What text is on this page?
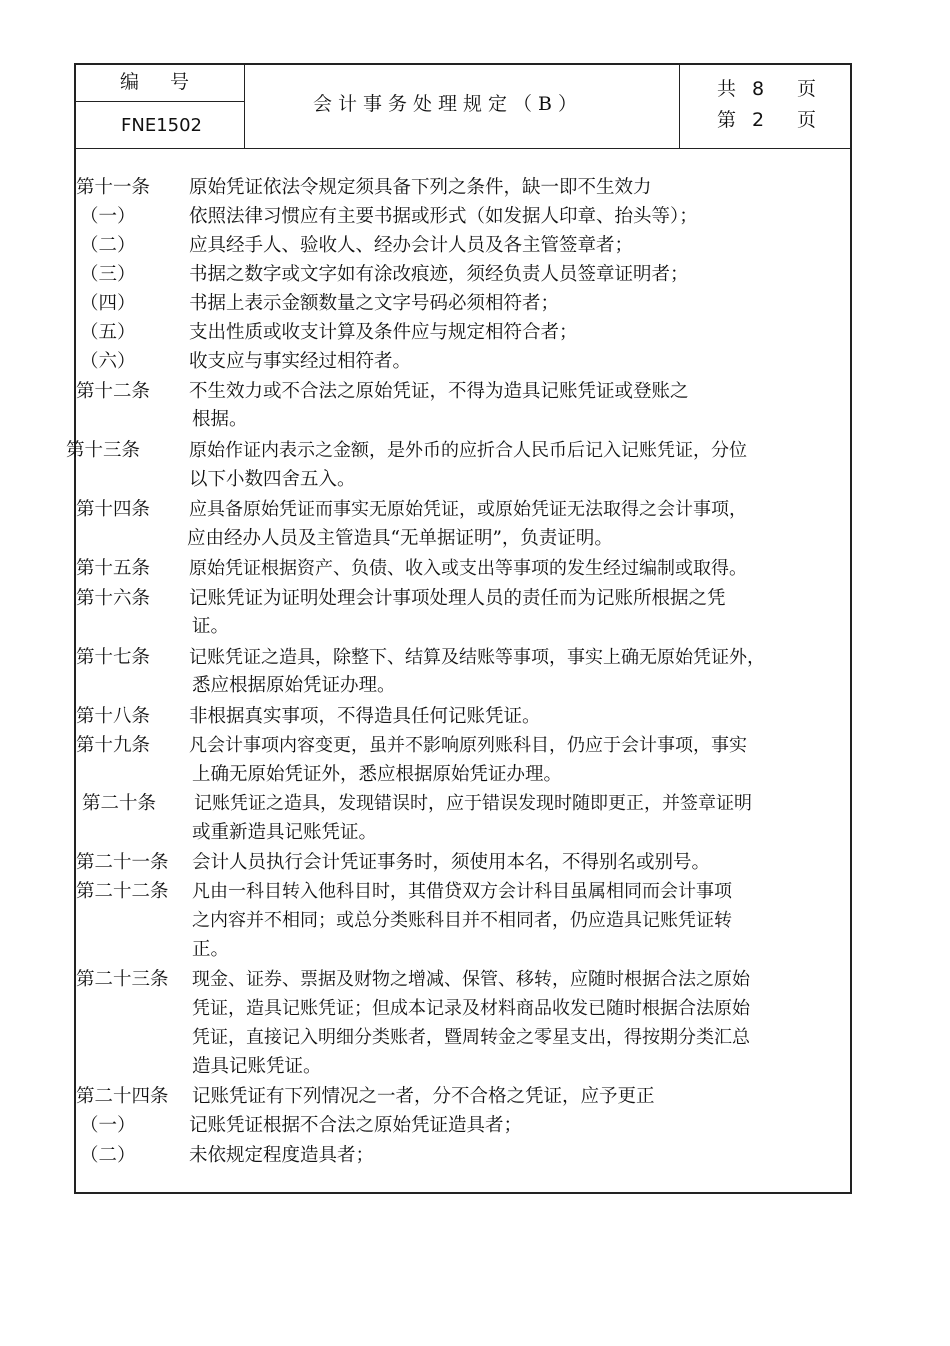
编　号
FNE1502
会计事务处理规定（B）
共 8 页
第 2 页
第十一条 原始凭证依法令规定须具备下列之条件，缺一即不生效力
（一）	依照法律习惯应有主要书据或形式（如发据人印章、抬头等）；
（二）	应具经手人、验收人、经办会计人员及各主管签章者；
（三）	书据之数字或文字如有涂改痕迹，须经负责人员签章证明者；
（四）	书据上表示金额数量之文字号码必须相符者；
（五）	支出性质或收支计算及条件应与规定相符合者；
（六）	收支应与事实经过相符者。
第十二条 不生效力或不合法之原始凭证，不得为造具记账凭证或登账之
根据。
第十三条	原始作证内表示之金额，是外币的应折合人民币后记入记账凭证，分位
以下小数四舍五入。
第十四条 应具备原始凭证而事实无原始凭证，或原始凭证无法取得之会计事项，
应由经办人员及主管造具“无单据证明”，负责证明。
第十五条 原始凭证根据资产、负债、收入或支出等事项的发生经过编制或取得。
第十六条 记账凭证为证明处理会计事项处理人员的责任而为记账所根据之凭
证。
第十七条 记账凭证之造具，除整下、结算及结账等事项，事实上确无原始凭证外，
悉应根据原始凭证办理。
第十八条 非根据真实事项，不得造具任何记账凭证。
第十九条 凡会计事项内容变更，虽并不影响原列账科目，仍应于会计事项，事实
上确无原始凭证外，悉应根据原始凭证办理。
第二十条 记账凭证之造具，发现错误时，应于错误发现时随即更正，并签章证明
或重新造具记账凭证。
第二十一条 会计人员执行会计凭证事务时，须使用本名，不得别名或别号。
第二十二条 凡由一科目转入他科目时，其借贷双方会计科目虽属相同而会计事项
之内容并不相同；或总分类账科目并不相同者，仍应造具记账凭证转
正。
第二十三条 现金、证券、票据及财物之增减、保管、移转，应随时根据合法之原始
凭证，造具记账凭证；但成本记录及材料商品收发已随时根据合法原始
凭证，直接记入明细分类账者，暨周转金之零星支出，得按期分类汇总
造具记账凭证。
第二十四条 记账凭证有下列情况之一者，分不合格之凭证，应予更正
（一）	记账凭证根据不合法之原始凭证造具者；
（二）	未依规定程度造具者；
